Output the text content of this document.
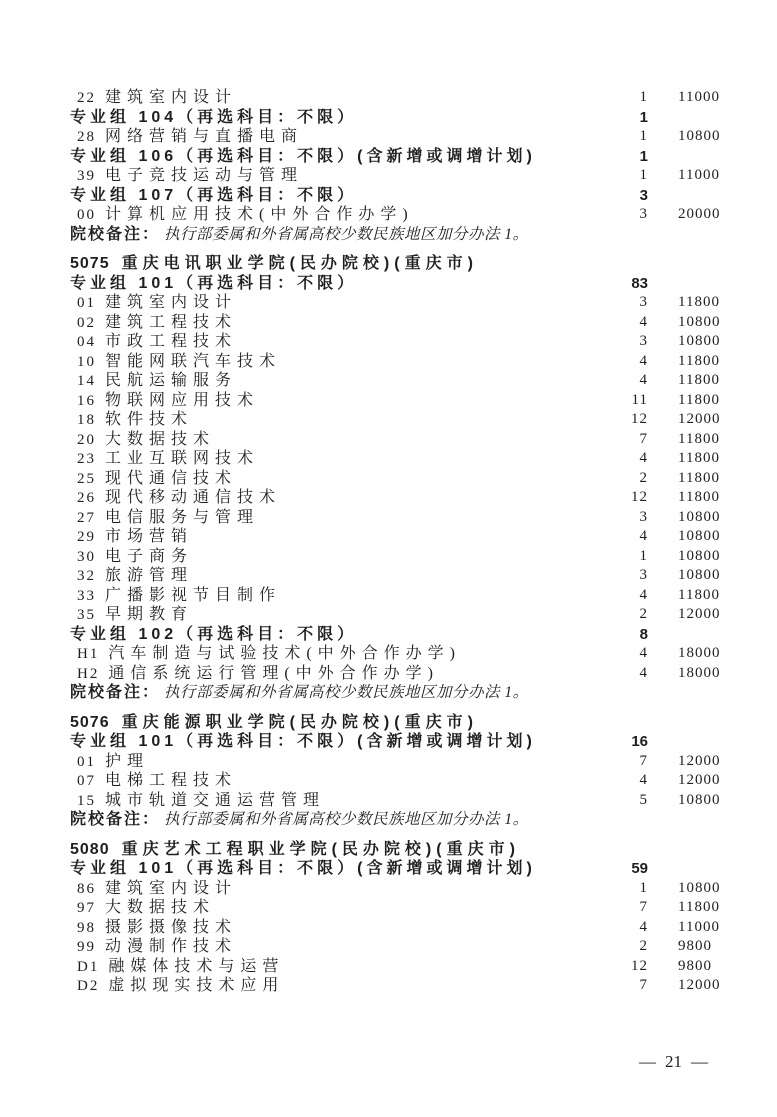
22 建筑室内设计	1	11000
专业组 104（再选科目：不限）	1
28 网络营销与直播电商	1	10800
专业组 106（再选科目：不限）(含新增或调增计划)	1
39 电子竞技运动与管理	1	11000
专业组 107（再选科目：不限）	3
00 计算机应用技术(中外合作办学)	3	20000
院校备注： 执行部委属和外省属高校少数民族地区加分办法 1。
5075 重庆电讯职业学院(民办院校)(重庆市)
专业组 101（再选科目：不限）	83
01 建筑室内设计	3	11800
02 建筑工程技术	4	10800
04 市政工程技术	3	10800
10 智能网联汽车技术	4	11800
14 民航运输服务	4	11800
16 物联网应用技术	11	11800
18 软件技术	12	12000
20 大数据技术	7	11800
23 工业互联网技术	4	11800
25 现代通信技术	2	11800
26 现代移动通信技术	12	11800
27 电信服务与管理	3	10800
29 市场营销	4	10800
30 电子商务	1	10800
32 旅游管理	3	10800
33 广播影视节目制作	4	11800
35 早期教育	2	12000
专业组 102（再选科目：不限）	8
H1 汽车制造与试验技术(中外合作办学)	4	18000
H2 通信系统运行管理(中外合作办学)	4	18000
院校备注： 执行部委属和外省属高校少数民族地区加分办法 1。
5076 重庆能源职业学院(民办院校)(重庆市)
专业组 101（再选科目：不限）(含新增或调增计划)	16
01 护理	7	12000
07 电梯工程技术	4	12000
15 城市轨道交通运营管理	5	10800
院校备注： 执行部委属和外省属高校少数民族地区加分办法 1。
5080 重庆艺术工程职业学院(民办院校)(重庆市)
专业组 101（再选科目：不限）(含新增或调增计划)	59
86 建筑室内设计	1	10800
97 大数据技术	7	11800
98 摄影摄像技术	4	11000
99 动漫制作技术	2	9800
D1 融媒体技术与运营	12	9800
D2 虚拟现实技术应用	7	12000
— 21 —
